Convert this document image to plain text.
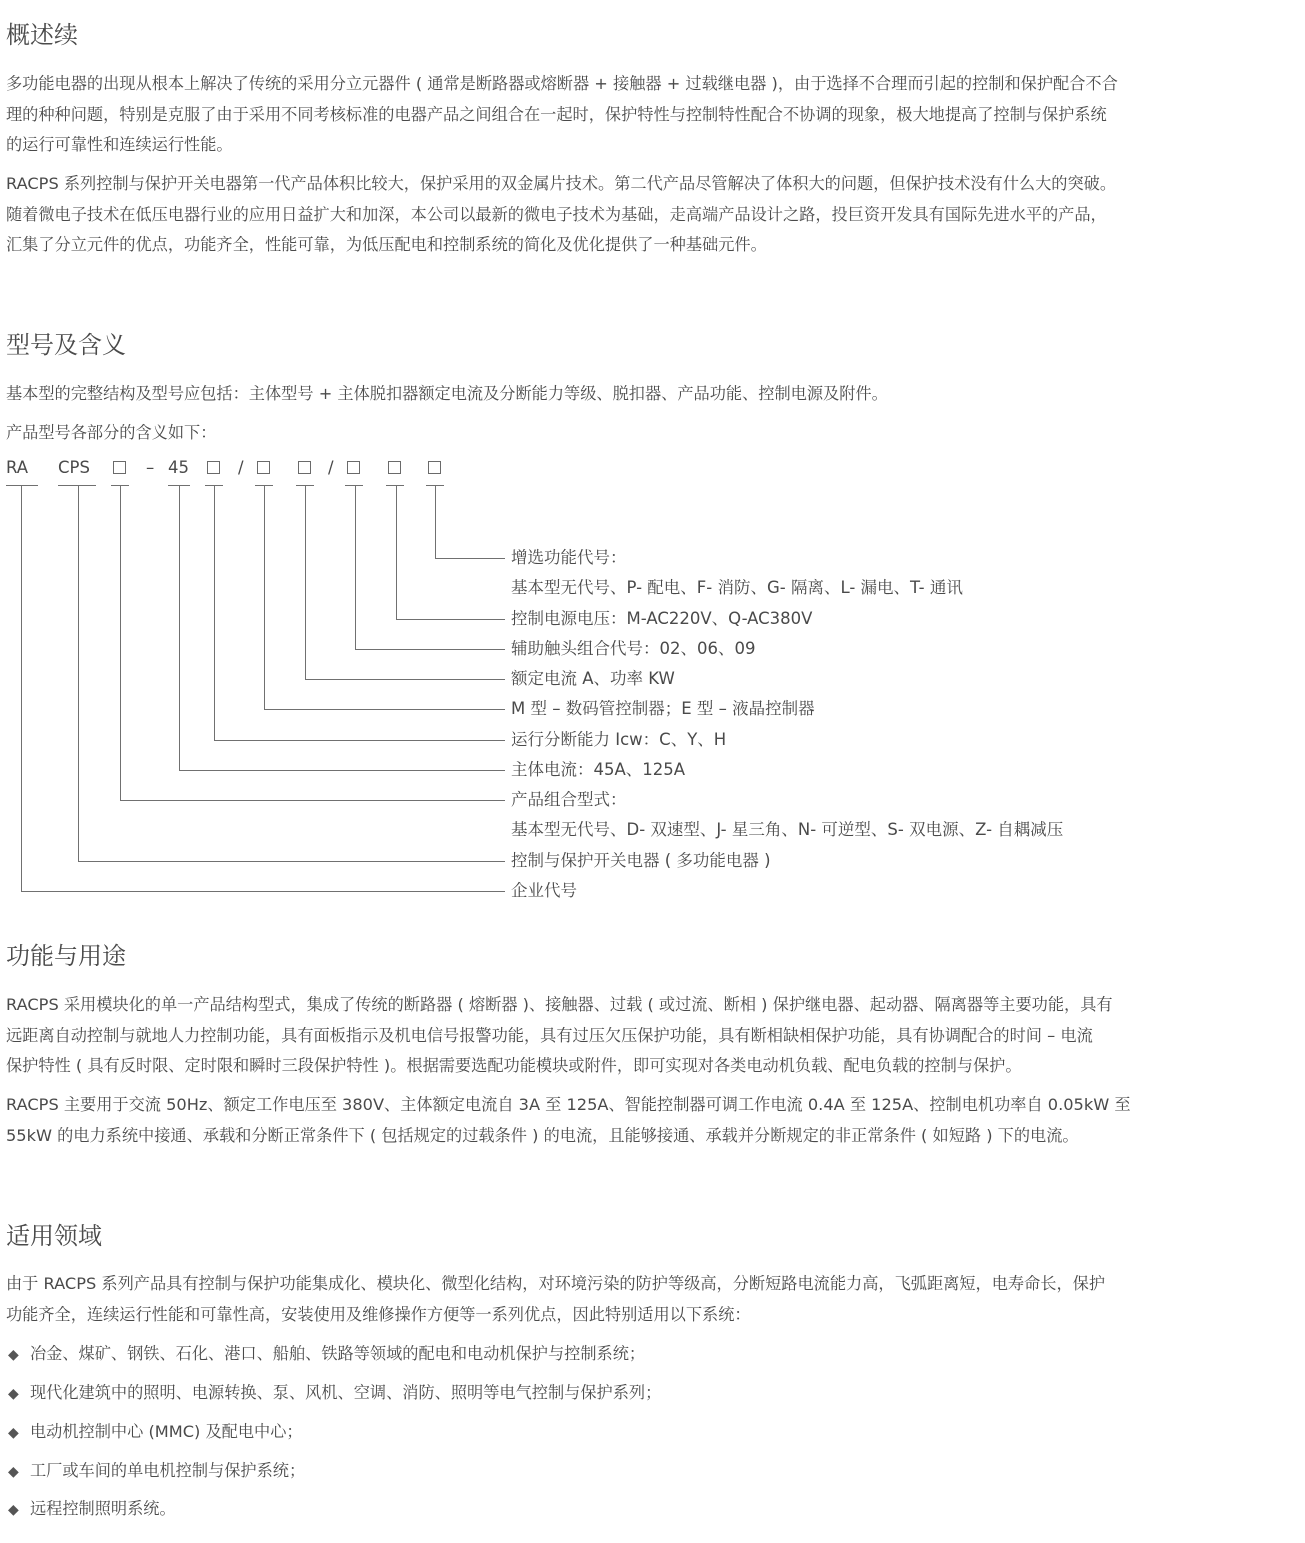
概述续
多功能电器的出现从根本上解决了传统的采用分立元器件 ( 通常是断路器或熔断器 + 接触器 + 过载继电器 )，由于选择不合理而引起的控制和保护配合不合
理的种种问题，特别是克服了由于采用不同考核标准的电器产品之间组合在一起时，保护特性与控制特性配合不协调的现象，极大地提高了控制与保护系统
的运行可靠性和连续运行性能。
RACPS 系列控制与保护开关电器第一代产品体积比较大，保护采用的双金属片技术。第二代产品尽管解决了体积大的问题，但保护技术没有什么大的突破。
随着微电子技术在低压电器行业的应用日益扩大和加深，本公司以最新的微电子技术为基础，走高端产品设计之路，投巨资开发具有国际先进水平的产品，
汇集了分立元件的优点，功能齐全，性能可靠，为低压配电和控制系统的简化及优化提供了一种基础元件。
型号及含义

基本型的完整结构及型号应包括：主体型号 + 主体脱扣器额定电流及分断能力等级、脱扣器、产品功能、控制电源及附件。

产品型号各部分的含义如下：

RA CPS	– 45	/	/
增选功能代号：
基本型无代号、P- 配电、F- 消防、G- 隔离、L- 漏电、T- 通讯
控制电源电压：M-AC220V、Q-AC380V
辅助触头组合代号：02、06、09
额定电流 A、功率 KW
M 型 – 数码管控制器；E 型 – 液晶控制器
运行分断能力 Icw：C、Y、H
主体电流：45A、125A
产品组合型式：
基本型无代号、D- 双速型、J- 星三角、N- 可逆型、S- 双电源、Z- 自耦减压
控制与保护开关电器 ( 多功能电器 )
企业代号
功能与用途
RACPS 采用模块化的单一产品结构型式，集成了传统的断路器 ( 熔断器 )、接触器、过载 ( 或过流、断相 ) 保护继电器、起动器、隔离器等主要功能，具有
远距离自动控制与就地人力控制功能，具有面板指示及机电信号报警功能，具有过压欠压保护功能，具有断相缺相保护功能，具有协调配合的时间 – 电流
保护特性 ( 具有反时限、定时限和瞬时三段保护特性 )。根据需要选配功能模块或附件，即可实现对各类电动机负载、配电负载的控制与保护。
RACPS 主要用于交流 50Hz、额定工作电压至 380V、主体额定电流自 3A 至 125A、智能控制器可调工作电流 0.4A 至 125A、控制电机功率自 0.05kW 至
55kW 的电力系统中接通、承载和分断正常条件下 ( 包括规定的过载条件 ) 的电流，且能够接通、承载并分断规定的非正常条件 ( 如短路 ) 下的电流。
适用领域
由于 RACPS 系列产品具有控制与保护功能集成化、模块化、微型化结构，对环境污染的防护等级高，分断短路电流能力高，飞弧距离短，电寿命长，保护
功能齐全，连续运行性能和可靠性高，安装使用及维修操作方便等一系列优点，因此特别适用以下系统：
◆ 冶金、煤矿、钢铁、石化、港口、船舶、铁路等领域的配电和电动机保护与控制系统；
◆ 现代化建筑中的照明、电源转换、泵、风机、空调、消防、照明等电气控制与保护系列；
◆ 电动机控制中心 (MMC) 及配电中心；
◆ 工厂或车间的单电机控制与保护系统；
◆ 远程控制照明系统。
